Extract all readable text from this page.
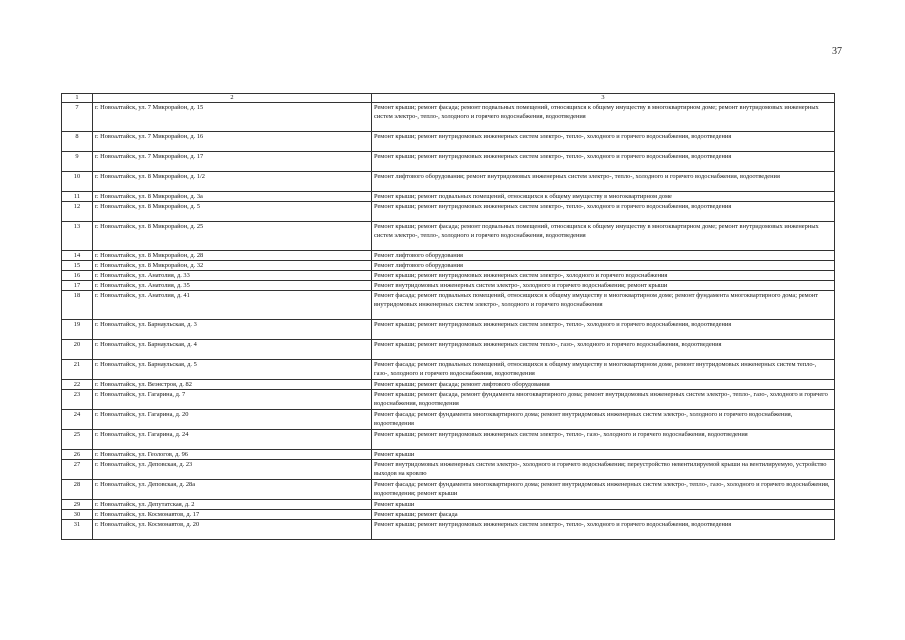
37
1	2	3
7	г. Новоалтайск, ул. 7 Микрорайон, д. 15	Ремонт крыши; ремонт фасада; ремонт подвальных помещений, относящихся к общему имуществу в многоквартирном доме; ремонт внутридомовых инженерных систем электро-, тепло-, холодного и горячего водоснабжения, водоотведения
8	г. Новоалтайск, ул. 7 Микрорайон, д. 16	Ремонт крыши; ремонт внутридомовых инженерных систем электро-, тепло-, холодного и горячего водоснабжения, водоотведения
9	г. Новоалтайск, ул. 7 Микрорайон, д. 17	Ремонт крыши; ремонт внутридомовых инженерных систем электро-, тепло-, холодного и горячего водоснабжения, водоотведения
10	г. Новоалтайск, ул. 8 Микрорайон, д. 1/2	Ремонт лифтового оборудования; ремонт внутридомовых инженерных систем электро-, тепло-, холодного и горячего водоснабжения, водоотведения
11	г. Новоалтайск, ул. 8 Микрорайон, д. 3а	Ремонт крыши; ремонт подвальных помещений, относящихся к общему имуществу в многоквартирном доме
12	г. Новоалтайск, ул. 8 Микрорайон, д. 5	Ремонт крыши; ремонт внутридомовых инженерных систем электро-, тепло-, холодного и горячего водоснабжения, водоотведения
13	г. Новоалтайск, ул. 8 Микрорайон, д. 25	Ремонт крыши; ремонт фасада; ремонт подвальных помещений, относящихся к общему имуществу в многоквартирном доме; ремонт внутридомовых инженерных систем электро-, тепло-, холодного и горячего водоснабжения, водоотведения
14	г. Новоалтайск, ул. 8 Микрорайон, д. 28	Ремонт лифтового оборудования
15	г. Новоалтайск, ул. 8 Микрорайон, д. 32	Ремонт лифтового оборудования
16	г. Новоалтайск, ул. Анатолия, д. 33	Ремонт крыши; ремонт внутридомовых инженерных систем электро-, холодного и горячего водоснабжения
17	г. Новоалтайск, ул. Анатолия, д. 35	Ремонт внутридомовых инженерных систем электро-, холодного и горячего водоснабжения; ремонт крыши
18	г. Новоалтайск, ул. Анатолия, д. 41	Ремонт фасада; ремонт подвальных помещений, относящихся к общему имуществу в многоквартирном доме; ремонт фундамента многоквартирного дома; ремонт внутридомовых инженерных систем электро-, холодного и горячего водоснабжения
19	г. Новоалтайск, ул. Барнаульская, д. 3	Ремонт крыши; ремонт внутридомовых инженерных систем электро-, тепло-, холодного и горячего водоснабжения, водоотведения
20	г. Новоалтайск, ул. Барнаульская, д. 4	Ремонт крыши; ремонт внутридомовых инженерных систем тепло-, газо-, холодного и горячего водоснабжения, водоотведения
21	г. Новоалтайск, ул. Барнаульская, д. 5	Ремонт фасада; ремонт подвальных помещений, относящихся к общему имуществу в многоквартирном доме, ремонт внутридомовых инженерных систем тепло-, газо-, холодного и горячего водоснабжения, водоотведения
22	г. Новоалтайск, ул. Веэнстроя, д. 82	Ремонт крыши; ремонт фасада; ремонт лифтового оборудования
23	г. Новоалтайск, ул. Гагарина, д. 7	Ремонт крыши; ремонт фасада, ремонт фундамента многоквартирного дома; ремонт внутридомовых инженерных систем электро-, тепло-, газо-, холодного и горячего водоснабжения, водоотведения
24	г. Новоалтайск, ул. Гагарина, д. 20	Ремонт фасада; ремонт фундамента многоквартирного дома; ремонт внутридомовых инженерных систем электро-, холодного и горячего водоснабжения, водоотведения
25	г. Новоалтайск, ул. Гагарина, д. 24	Ремонт крыши; ремонт внутридомовых инженерных систем электро-, тепло-, газо-, холодного и горячего водоснабжения, водоотведения
26	г. Новоалтайск, ул. Геологов, д. 96	Ремонт крыши
27	г. Новоалтайск, ул. Деповская, д. 23	Ремонт внутридомовых инженерных систем электро-, холодного и горячего водоснабжения; переустройство невентилируемой крыши на вентилируемую, устройство выходов на кровлю
28	г. Новоалтайск, ул. Деповская, д. 28а	Ремонт фасада; ремонт фундамента многоквартирного дома; ремонт внутридомовых инженерных систем электро-, тепло-, газо-, холодного и горячего водоснабжения, водоотведения; ремонт крыши
29	г. Новоалтайск, ул. Депутатская, д. 2	Ремонт крыши
30	г. Новоалтайск, ул. Космонавтов, д. 17	Ремонт крыши; ремонт фасада
31	г. Новоалтайск, ул. Космонавтов, д. 20	Ремонт крыши; ремонт внутридомовых инженерных систем электро-, тепло-, холодного и горячего водоснабжения, водоотведения
